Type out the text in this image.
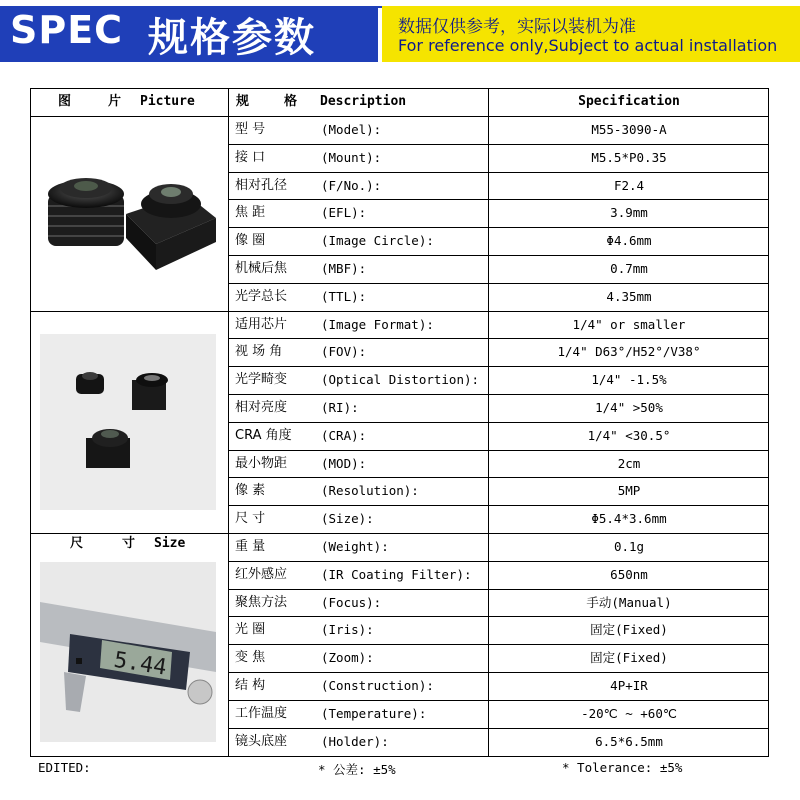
SPEC 规格参数	数据仅供参考，实际以装机为准
For reference only,Subject to actual installation
图	片 Picture	规	格 Description	Specification
尺	寸 Size
5.44
型 号	(Model):	M55-3090-A
接 口	(Mount):	M5.5*P0.35
相对孔径	(F/No.):	F2.4
焦 距	(EFL):	3.9mm
像 圈	(Image Circle):	Φ4.6mm
机械后焦	(MBF):	0.7mm
光学总长	(TTL):	4.35mm
适用芯片	(Image Format):	1/4" or smaller
视 场 角	(FOV):	1/4" D63°/H52°/V38°
光学畸变	(Optical Distortion):	1/4" -1.5%
相对亮度	(RI):	1/4" >50%
CRA 角度	(CRA):	1/4" <30.5°
最小物距	(MOD):	2cm
像 素	(Resolution):	5MP
尺 寸	(Size):	Φ5.4*3.6mm
重 量	(Weight):	0.1g
红外感应	(IR Coating Filter):	650nm
聚焦方法	(Focus):	手动(Manual)
光 圈	(Iris):	固定(Fixed)
变 焦	(Zoom):	固定(Fixed)
结 构	(Construction):	4P+IR
工作温度	(Temperature):	-20℃ ~ +60℃
镜头底座	(Holder):	6.5*6.5mm
EDITED:	* 公差: ±5%	* Tolerance: ±5%
